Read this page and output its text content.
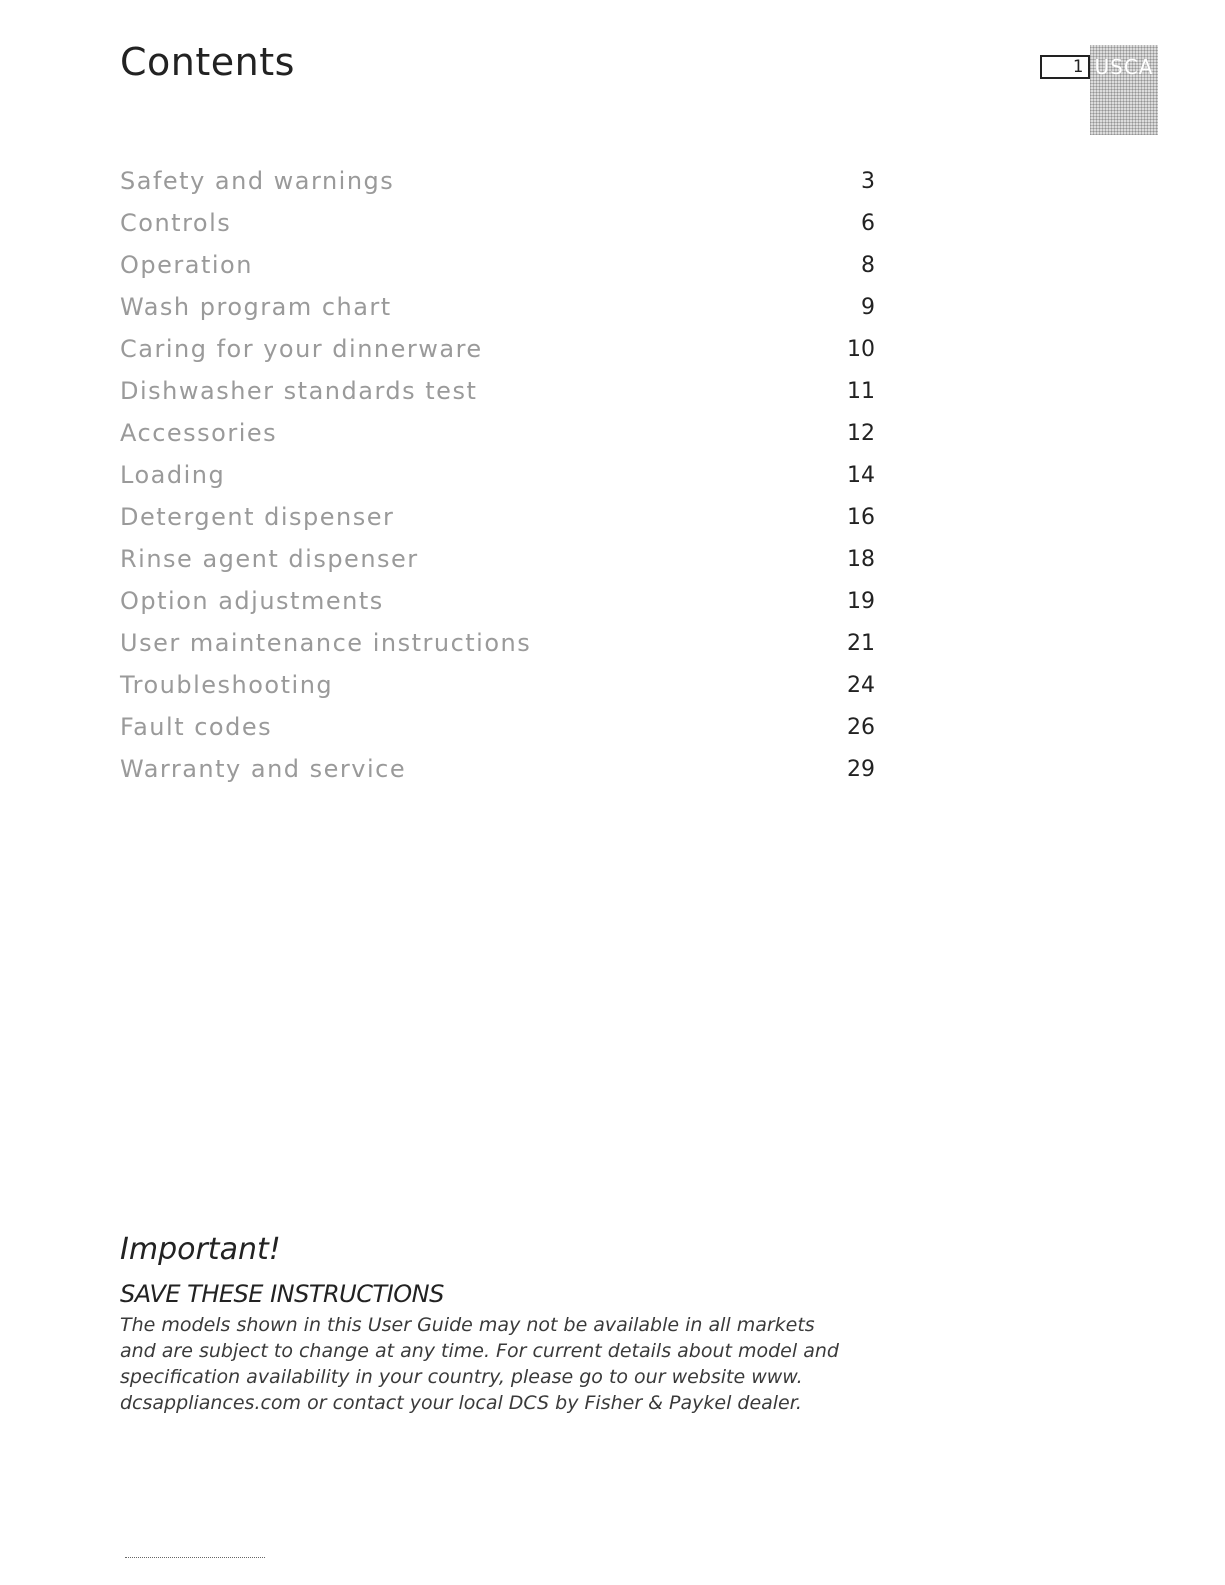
Contents	1 USCA
Safety and warnings	3
Controls	6
Operation	8
Wash program chart	9
Caring for your dinnerware	10
Dishwasher standards test	11
Accessories	12
Loading	14
Detergent dispenser	16
Rinse agent dispenser	18
Option adjustments	19
User maintenance instructions	21
Troubleshooting	24
Fault codes	26
Warranty and service	29
Important!
SAVE THESE INSTRUCTIONS

The models shown in this User Guide may not be available in all markets and are subject to change at any time. For current details about model and specification availability in your country, please go to our website www. dcsappliances.com or contact your local DCS by Fisher & Paykel dealer.
